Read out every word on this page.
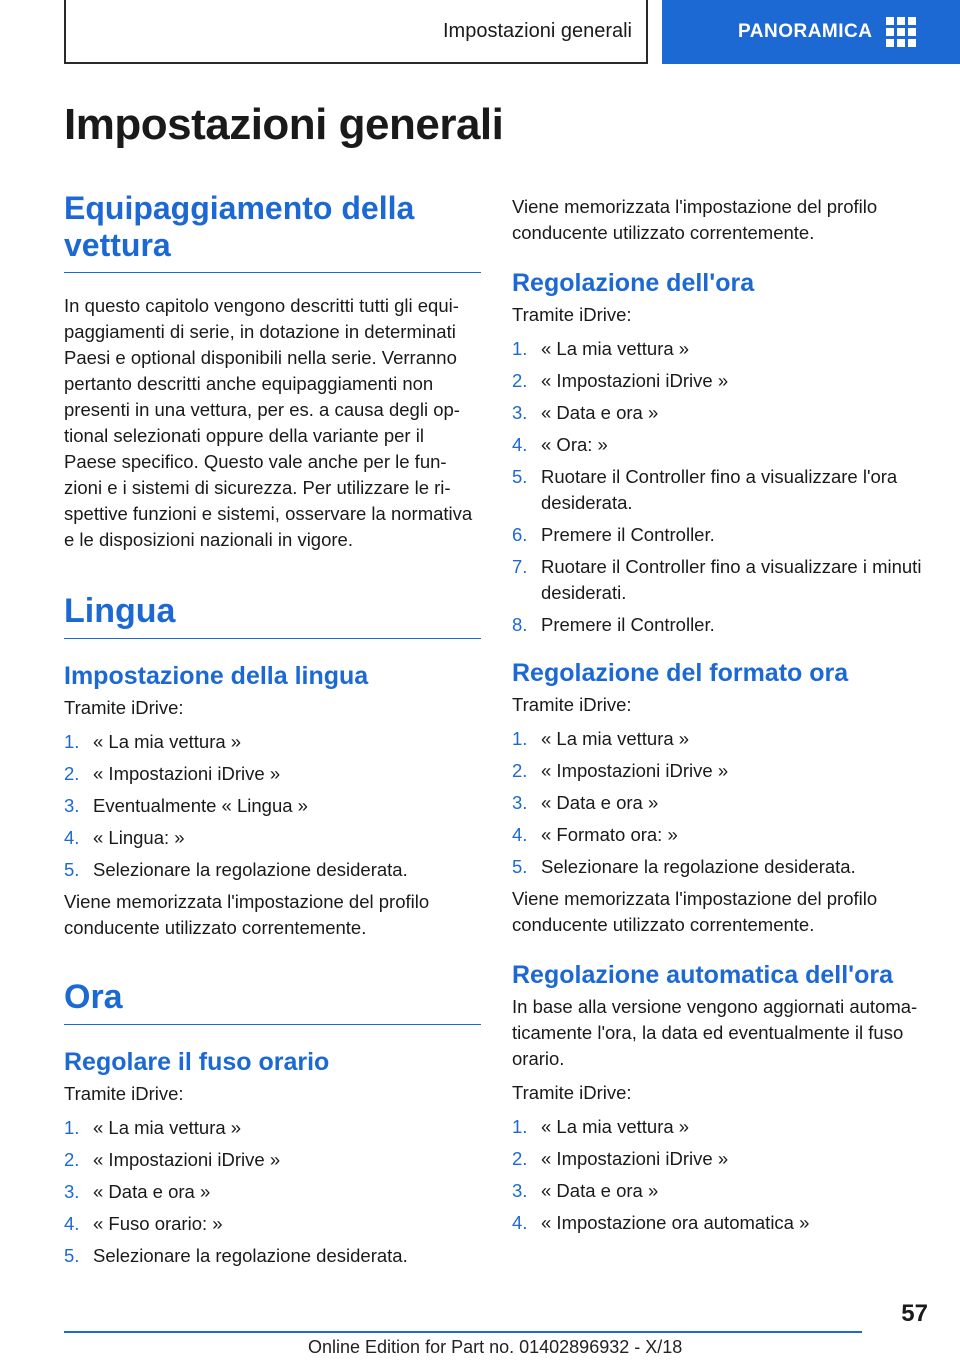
Impostazioni generali	PANORAMICA
Impostazioni generali
Equipaggiamento della vettura

In questo capitolo vengono descritti tutti gli equi-paggiamenti di serie, in dotazione in determinati Paesi e optional disponibili nella serie. Verranno pertanto descritti anche equipaggiamenti non presenti in una vettura, per es. a causa degli op-tional selezionati oppure della variante per il Paese specifico. Questo vale anche per le fun-zioni e i sistemi di sicurezza. Per utilizzare le ri-spettive funzioni e sistemi, osservare la normativa e le disposizioni nazionali in vigore.

Lingua
Impostazione della lingua

Tramite iDrive:

1. « La mia vettura »
2. « Impostazioni iDrive »
3. Eventualmente « Lingua »
4. « Lingua: »
5. Selezionare la regolazione desiderata.

Viene memorizzata l'impostazione del profilo conducente utilizzato correntemente.

Ora
Regolare il fuso orario

Tramite iDrive:

1. « La mia vettura »
2. « Impostazioni iDrive »
3. « Data e ora »
4. « Fuso orario: »
5. Selezionare la regolazione desiderata.

Viene memorizzata l'impostazione del profilo conducente utilizzato correntemente.

Regolazione dell'ora

Tramite iDrive:

1. « La mia vettura »
2. « Impostazioni iDrive »
3. « Data e ora »
4. « Ora: »
5. Ruotare il Controller fino a visualizzare l'ora desiderata.
6. Premere il Controller.
7. Ruotare il Controller fino a visualizzare i minuti desiderati.
8. Premere il Controller.
Regolazione del formato ora

Tramite iDrive:

1. « La mia vettura »
2. « Impostazioni iDrive »
3. « Data e ora »
4. « Formato ora: »
5. Selezionare la regolazione desiderata.

Viene memorizzata l'impostazione del profilo conducente utilizzato correntemente.

Regolazione automatica dell'ora

In base alla versione vengono aggiornati automa-ticamente l'ora, la data ed eventualmente il fuso orario.

Tramite iDrive:

1. « La mia vettura »
2. « Impostazioni iDrive »
3. « Data e ora »
4. « Impostazione ora automatica »
57
Online Edition for Part no. 01402896932 - X/18
